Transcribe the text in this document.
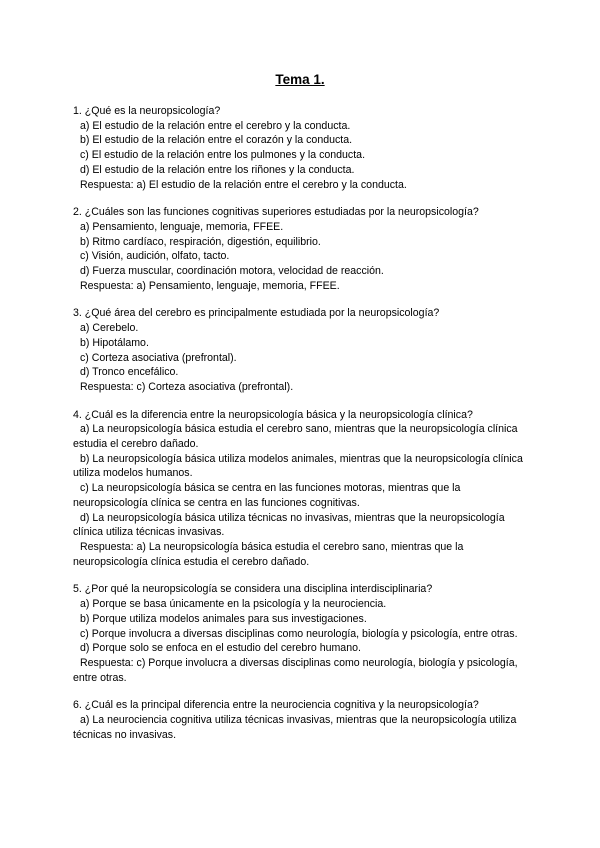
Tema 1.
1. ¿Qué es la neuropsicología?
a) El estudio de la relación entre el cerebro y la conducta.
b) El estudio de la relación entre el corazón y la conducta.
c) El estudio de la relación entre los pulmones y la conducta.
d) El estudio de la relación entre los riñones y la conducta.
Respuesta: a) El estudio de la relación entre el cerebro y la conducta.
2. ¿Cuáles son las funciones cognitivas superiores estudiadas por la neuropsicología?
a) Pensamiento, lenguaje, memoria, FFEE.
b) Ritmo cardíaco, respiración, digestión, equilibrio.
c) Visión, audición, olfato, tacto.
d) Fuerza muscular, coordinación motora, velocidad de reacción.
Respuesta: a) Pensamiento, lenguaje, memoria, FFEE.
3. ¿Qué área del cerebro es principalmente estudiada por la neuropsicología?
a) Cerebelo.
b) Hipotálamo.
c) Corteza asociativa (prefrontal).
d) Tronco encefálico.
Respuesta: c) Corteza asociativa (prefrontal).
4. ¿Cuál es la diferencia entre la neuropsicología básica y la neuropsicología clínica?
a) La neuropsicología básica estudia el cerebro sano, mientras que la neuropsicología clínica estudia el cerebro dañado.
b) La neuropsicología básica utiliza modelos animales, mientras que la neuropsicología clínica utiliza modelos humanos.
c) La neuropsicología básica se centra en las funciones motoras, mientras que la neuropsicología clínica se centra en las funciones cognitivas.
d) La neuropsicología básica utiliza técnicas no invasivas, mientras que la neuropsicología clínica utiliza técnicas invasivas.
Respuesta: a) La neuropsicología básica estudia el cerebro sano, mientras que la neuropsicología clínica estudia el cerebro dañado.
5. ¿Por qué la neuropsicología se considera una disciplina interdisciplinaria?
a) Porque se basa únicamente en la psicología y la neurociencia.
b) Porque utiliza modelos animales para sus investigaciones.
c) Porque involucra a diversas disciplinas como neurología, biología y psicología, entre otras.
d) Porque solo se enfoca en el estudio del cerebro humano.
Respuesta: c) Porque involucra a diversas disciplinas como neurología, biología y psicología, entre otras.
6. ¿Cuál es la principal diferencia entre la neurociencia cognitiva y la neuropsicología?
a) La neurociencia cognitiva utiliza técnicas invasivas, mientras que la neuropsicología utiliza técnicas no invasivas.
